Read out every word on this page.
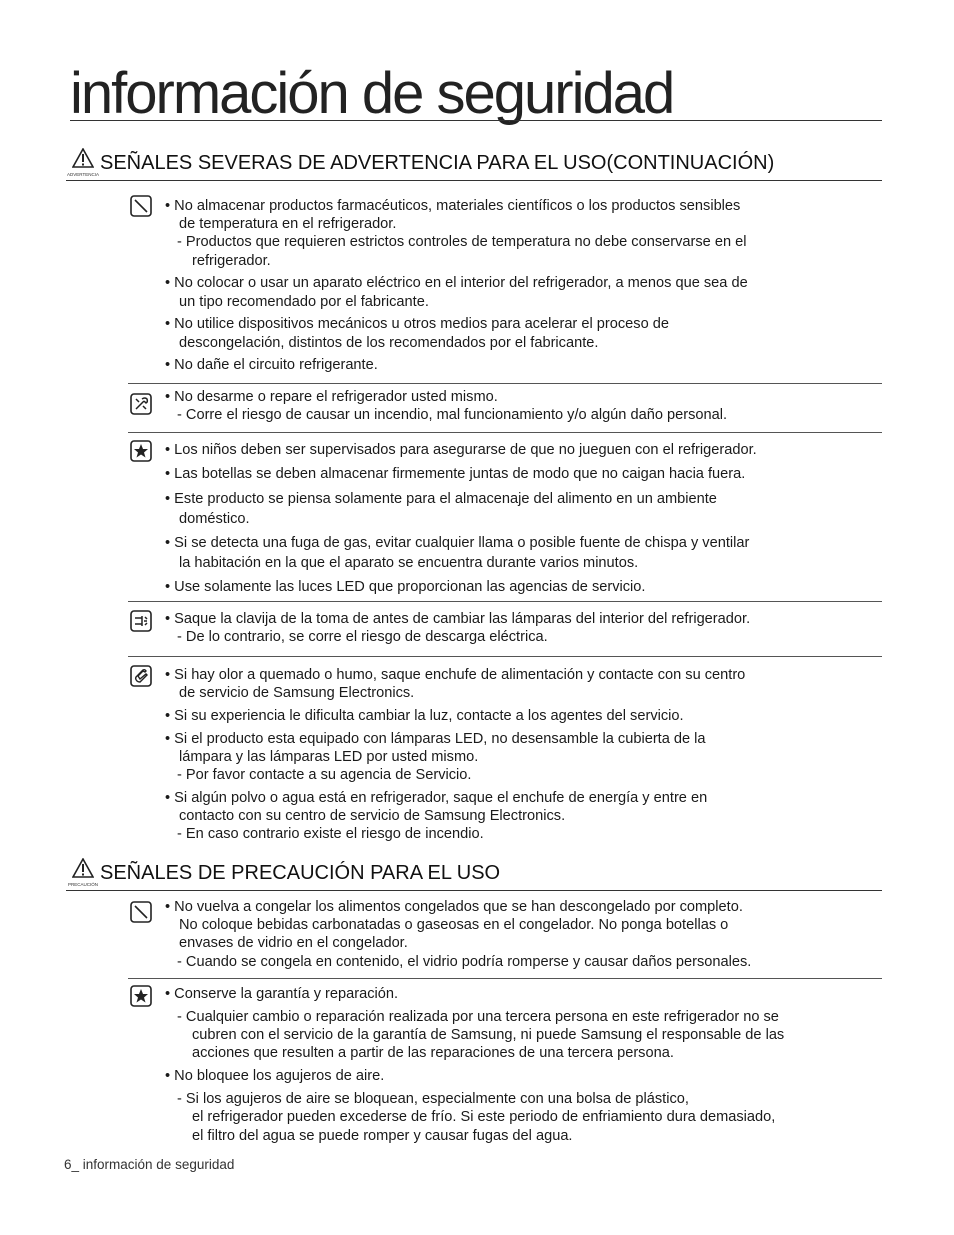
información de seguridad
ADVERTENCIA
SEÑALES SEVERAS DE ADVERTENCIA PARA EL USO(CONTINUACIÓN)
• No almacenar productos farmacéuticos, materiales científicos o los productos sensibles
de temperatura en el refrigerador.
- Productos que requieren estrictos controles de temperatura no debe conservarse en el
refrigerador.
• No colocar o usar un aparato eléctrico en el interior del refrigerador, a menos que sea de
un tipo recomendado por el fabricante.
• No utilice dispositivos mecánicos u otros medios para acelerar el proceso de
descongelación, distintos de los recomendados por el fabricante.
• No dañe el circuito refrigerante.
• No desarme o repare el refrigerador usted mismo.
- Corre el riesgo de causar un incendio, mal funcionamiento y/o algún daño personal.
• Los niños deben ser supervisados para asegurarse de que no jueguen con el refrigerador.
• Las botellas se deben almacenar firmemente juntas de modo que no caigan hacia fuera.
• Este producto se piensa solamente para el almacenaje del alimento en un ambiente
doméstico.
• Si se detecta una fuga de gas, evitar cualquier llama o posible fuente de chispa y ventilar
la habitación en la que el aparato se encuentra durante varios minutos.
• Use solamente las luces LED que proporcionan las agencias de servicio.
• Saque la clavija de la toma de antes de cambiar las lámparas del interior del refrigerador.
- De lo contrario, se corre el riesgo de descarga eléctrica.
• Si hay olor a quemado o humo, saque enchufe de alimentación y contacte con su centro
de servicio de Samsung Electronics.
• Si su experiencia le dificulta cambiar la luz, contacte a los agentes del servicio.
• Si el producto esta equipado con lámparas LED, no desensamble la cubierta de la
lámpara y las lámparas LED por usted mismo.
- Por favor contacte a su agencia de Servicio.
• Si algún polvo o agua está en refrigerador, saque el enchufe de energía y entre en
contacto con su centro de servicio de Samsung Electronics.
- En caso contrario existe el riesgo de incendio.
PRECAUCIÓN
SEÑALES DE PRECAUCIÓN PARA EL USO
• No vuelva a congelar los alimentos congelados que se han descongelado por completo.
No coloque bebidas carbonatadas o gaseosas en el congelador. No ponga botellas o
envases de vidrio en el congelador.
- Cuando se congela en contenido, el vidrio podría romperse y causar daños personales.
• Conserve la garantía y reparación.
- Cualquier cambio o reparación realizada por una tercera persona en este refrigerador no se
cubren con el servicio de la garantía de Samsung, ni puede Samsung el responsable de las
acciones que resulten a partir de las reparaciones de una tercera persona.
• No bloquee los agujeros de aire.
- Si los agujeros de aire se bloquean, especialmente con una bolsa de plástico,
el refrigerador pueden excederse de frío. Si este periodo de enfriamiento dura demasiado,
el filtro del agua se puede romper y causar fugas del agua.
6_ información de seguridad
